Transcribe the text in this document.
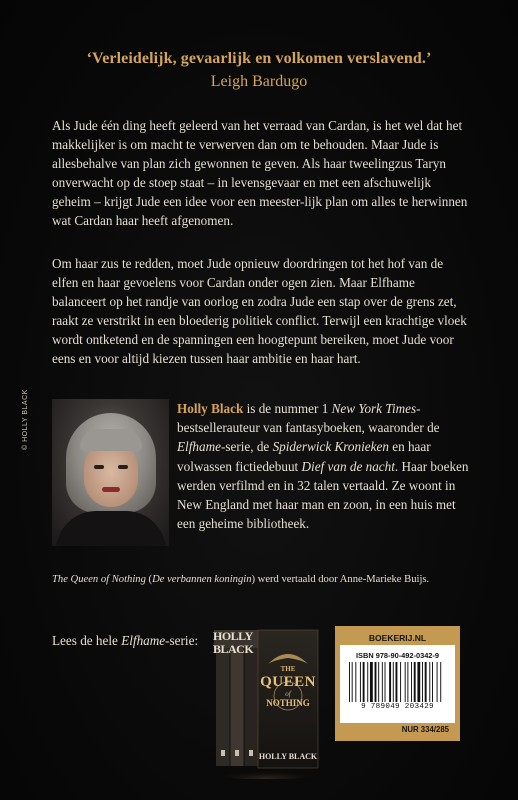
‘Verleidelijk, gevaarlijk en volkomen verslavend.’
Leigh Bardugo

Als Jude één ding heeft geleerd van het verraad van Cardan, is het wel dat het makkelijker is om macht te verwerven dan om te behouden. Maar Jude is allesbehalve van plan zich gewonnen te geven. Als haar tweelingzus Taryn onverwacht op de stoep staat – in levensgevaar en met een afschuwelijk geheim – krijgt Jude een idee voor een meester-lijk plan om alles te herwinnen wat Cardan haar heeft afgenomen.

Om haar zus te redden, moet Jude opnieuw doordringen tot het hof van de elfen en haar gevoelens voor Cardan onder ogen zien. Maar Elfhame balanceert op het randje van oorlog en zodra Jude een stap over de grens zet, raakt ze verstrikt in een bloederig politiek conflict. Terwijl een krachtige vloek wordt ontketend en de spanningen een hoogtepunt bereiken, moet Jude voor eens en voor altijd kiezen tussen haar ambitie en haar hart.

© HOLLY BLACK	Holly Black is de nummer 1 New York Times-bestsellerauteur van fantasyboeken, waaronder de Elfhame-serie, de Spiderwick Kronieken en haar volwassen fictiedebuut Dief van de nacht. Haar boeken werden verfilmd en in 32 talen vertaald. Ze woont in New England met haar man en zoon, in een huis met een geheime bibliotheek.

The Queen of Nothing (De verbannen koningin) werd vertaald door Anne-Marieke Buijs.

Lees de hele Elfhame-serie: HOLLY BLACK
THE
QUEEN
of
NOTHING
HOLLY BLACK
BOEKERIJ.NL
ISBN 978-90-492-0342-9
9 789049 203429
NUR 334/285
